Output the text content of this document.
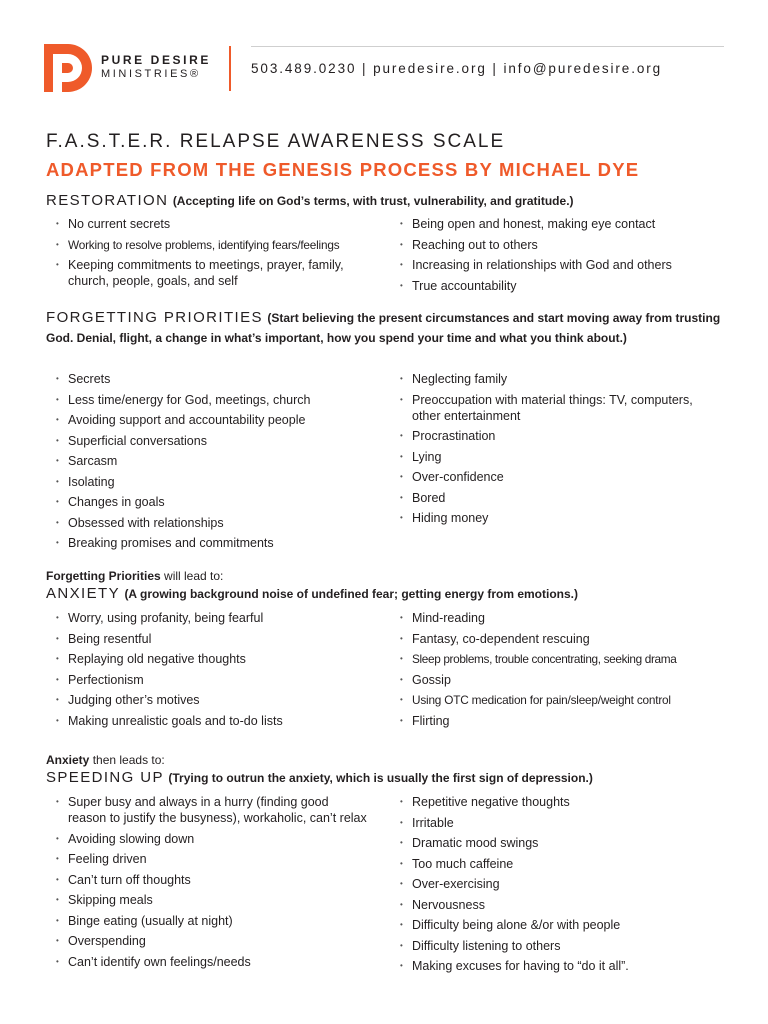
PURE DESIRE
MINISTRIES®	503.489.0230 | puredesire.org | info@puredesire.org
F.A.S.T.E.R. RELAPSE AWARENESS SCALE
ADAPTED FROM THE GENESIS PROCESS BY MICHAEL DYE
RESTORATION (Accepting life on God’s terms, with trust, vulnerability, and gratitude.)
• No current secrets
• Working to resolve problems, identifying fears/feelings
• Keeping commitments to meetings, prayer, family, church, people, goals, and self
• Being open and honest, making eye contact
• Reaching out to others
• Increasing in relationships with God and others
• True accountability
FORGETTING PRIORITIES (Start believing the present circumstances and start moving away from trusting God. Denial, flight, a change in what’s important, how you spend your time and what you think about.)
• Secrets
• Less time/energy for God, meetings, church
• Avoiding support and accountability people
• Superficial conversations
• Sarcasm
• Isolating
• Changes in goals
• Obsessed with relationships
• Breaking promises and commitments
• Neglecting family
• Preoccupation with material things: TV, computers, other entertainment
• Procrastination
• Lying
• Over-confidence
• Bored
• Hiding money
Forgetting Priorities will lead to:
ANXIETY (A growing background noise of undefined fear; getting energy from emotions.)
• Worry, using profanity, being fearful
• Being resentful
• Replaying old negative thoughts
• Perfectionism
• Judging other’s motives
• Making unrealistic goals and to-do lists
• Mind-reading
• Fantasy, co-dependent rescuing
• Sleep problems, trouble concentrating, seeking drama
• Gossip
• Using OTC medication for pain/sleep/weight control
• Flirting
Anxiety then leads to:
SPEEDING UP (Trying to outrun the anxiety, which is usually the first sign of depression.)
• Super busy and always in a hurry (finding good reason to justify the busyness), workaholic, can’t relax
• Avoiding slowing down
• Feeling driven
• Can’t turn off thoughts
• Skipping meals
• Binge eating (usually at night)
• Overspending
• Can’t identify own feelings/needs
• Repetitive negative thoughts
• Irritable
• Dramatic mood swings
• Too much caffeine
• Over-exercising
• Nervousness
• Difficulty being alone &/or with people
• Difficulty listening to others
• Making excuses for having to “do it all”.
